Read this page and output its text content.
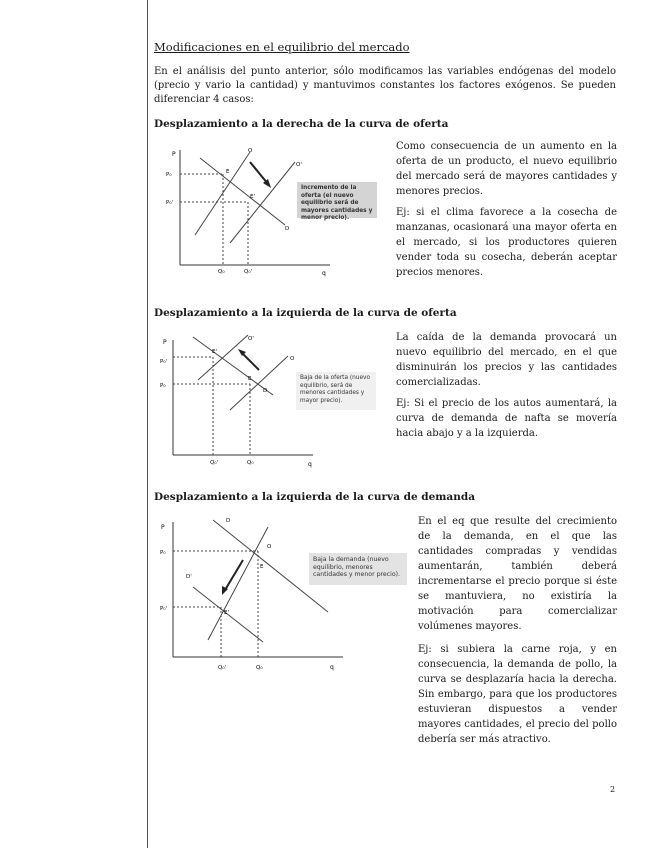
Modificaciones en el equilibrio del mercado
En el análisis del punto anterior, sólo modificamos las variables endógenas del modelo (precio y vario la cantidad) y mantuvimos constantes los factores exógenos. Se pueden diferenciar 4 casos:
Desplazamiento a la derecha de la curva de oferta
P
q
P₀
P₀'
Q₀	Q₀'
O
O'
D
E
E'
Incremento de la oferta (el nuevo equilibrio será de mayores cantidades y menor precio).

Como consecuencia de un aumento en la oferta de un producto, el nuevo equilibrio del mercado será de mayores cantidades y menores precios.

Ej: si el clima favorece a la cosecha de manzanas, ocasionará una mayor oferta en el mercado, si los productores quieren vender toda su cosecha, deberán aceptar precios menores.

Desplazamiento a la izquierda de la curva de oferta
P
q
P₀'
P₀
Q₀'	Q₀
O'
O
D
E'
E	Baja de la oferta (nuevo equilibrio, será de menores cantidades y mayor precio).

La caída de la demanda provocará un nuevo equilibrio del mercado, en el que disminuirán los precios y las cantidades comercializadas.

Ej: Si el precio de los autos aumentará, la curva de demanda de nafta se movería hacia abajo y a la izquierda.

Desplazamiento a la izquierda de la curva de demanda
P
q
P₀
P₀'
Q₀'	Q₀
D
O
D'
E
E'
Baja la demanda (nuevo equilibrio, menores cantidades y menor precio).

En el eq que resulte del crecimiento de la demanda, en el que las cantidades compradas y vendidas aumentarán, también deberá incrementarse el precio porque si éste se mantuviera, no existiría la motivación para comercializar volúmenes mayores.

Ej: si subiera la carne roja, y en consecuencia, la demanda de pollo, la curva se desplazaría hacia la derecha. Sin embargo, para que los productores estuvieran dispuestos a vender mayores cantidades, el precio del pollo debería ser más atractivo.

2
